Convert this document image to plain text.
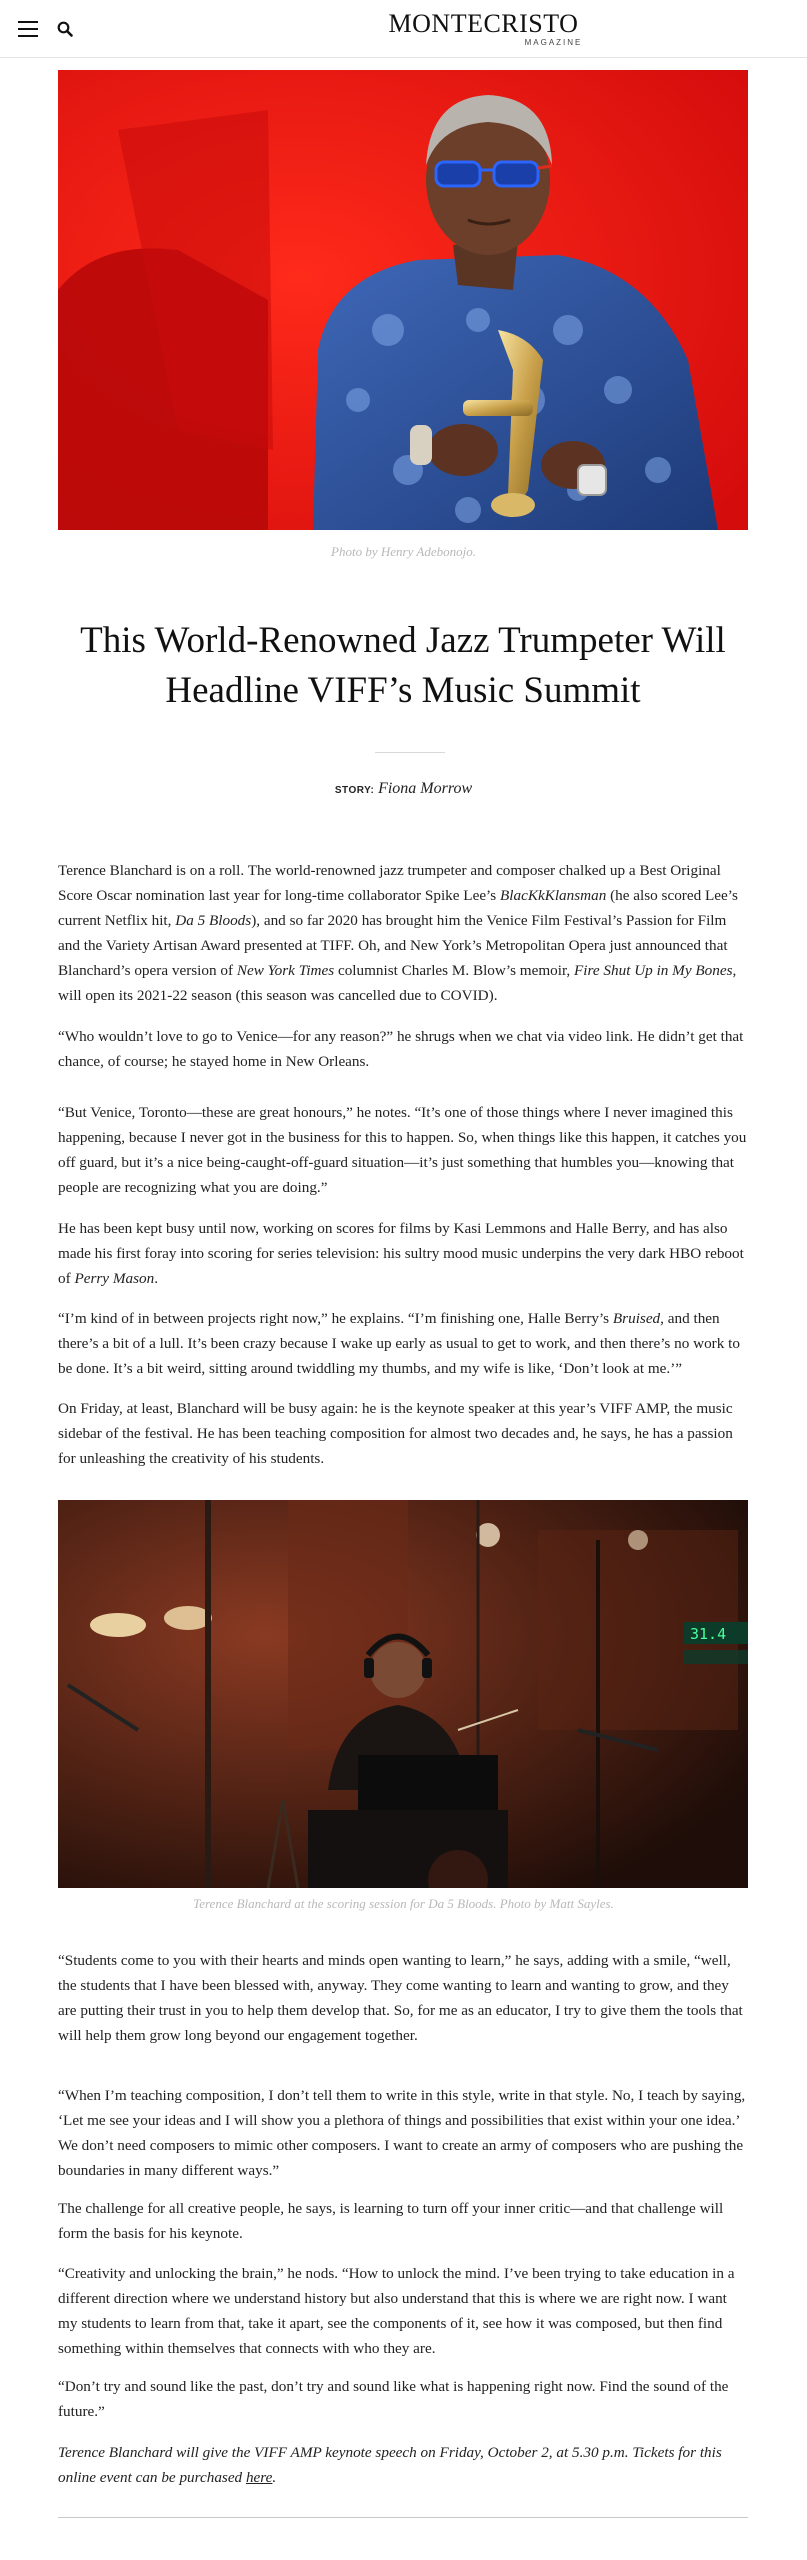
MONTECRISTO
MAGAZINE
Photo by Henry Adebonojo.
This World-Renowned Jazz Trumpeter Will Headline VIFF’s Music Summit
STORY: Fiona Morrow

Terence Blanchard is on a roll. The world-renowned jazz trumpeter and composer chalked up a Best Original Score Oscar nomination last year for long-time collaborator Spike Lee’s BlacKkKlansman (he also scored Lee’s current Netflix hit, Da 5 Bloods), and so far 2020 has brought him the Venice Film Festival’s Passion for Film and the Variety Artisan Award presented at TIFF. Oh, and New York’s Metropolitan Opera just announced that Blanchard’s opera version of New York Times columnist Charles M. Blow’s memoir, Fire Shut Up in My Bones, will open its 2021-22 season (this season was cancelled due to COVID).

“Who wouldn’t love to go to Venice—for any reason?” he shrugs when we chat via video link. He didn’t get that chance, of course; he stayed home in New Orleans.

“But Venice, Toronto—these are great honours,” he notes. “It’s one of those things where I never imagined this happening, because I never got in the business for this to happen. So, when things like this happen, it catches you off guard, but it’s a nice being-caught-off-guard situation—it’s just something that humbles you—knowing that people are recognizing what you are doing.”

He has been kept busy until now, working on scores for films by Kasi Lemmons and Halle Berry, and has also made his first foray into scoring for series television: his sultry mood music underpins the very dark HBO reboot of Perry Mason.

“I’m kind of in between projects right now,” he explains. “I’m finishing one, Halle Berry’s Bruised, and then there’s a bit of a lull. It’s been crazy because I wake up early as usual to get to work, and then there’s no work to be done. It’s a bit weird, sitting around twiddling my thumbs, and my wife is like, ‘Don’t look at me.’”

On Friday, at least, Blanchard will be busy again: he is the keynote speaker at this year’s VIFF AMP, the music sidebar of the festival. He has been teaching composition for almost two decades and, he says, he has a passion for unleashing the creativity of his students.

31.4
Terence Blanchard at the scoring session for Da 5 Bloods. Photo by Matt Sayles.

“Students come to you with their hearts and minds open wanting to learn,” he says, adding with a smile, “well, the students that I have been blessed with, anyway. They come wanting to learn and wanting to grow, and they are putting their trust in you to help them develop that. So, for me as an educator, I try to give them the tools that will help them grow long beyond our engagement together.

“When I’m teaching composition, I don’t tell them to write in this style, write in that style. No, I teach by saying, ‘Let me see your ideas and I will show you a plethora of things and possibilities that exist within your one idea.’ We don’t need composers to mimic other composers. I want to create an army of composers who are pushing the boundaries in many different ways.”

The challenge for all creative people, he says, is learning to turn off your inner critic—and that challenge will form the basis for his keynote.

“Creativity and unlocking the brain,” he nods. “How to unlock the mind. I’ve been trying to take education in a different direction where we understand history but also understand that this is where we are right now. I want my students to learn from that, take it apart, see the components of it, see how it was composed, but then find something within themselves that connects with who they are.

“Don’t try and sound like the past, don’t try and sound like what is happening right now. Find the sound of the future.”

Terence Blanchard will give the VIFF AMP keynote speech on Friday, October 2, at 5.30 p.m. Tickets for this online event can be purchased here.
